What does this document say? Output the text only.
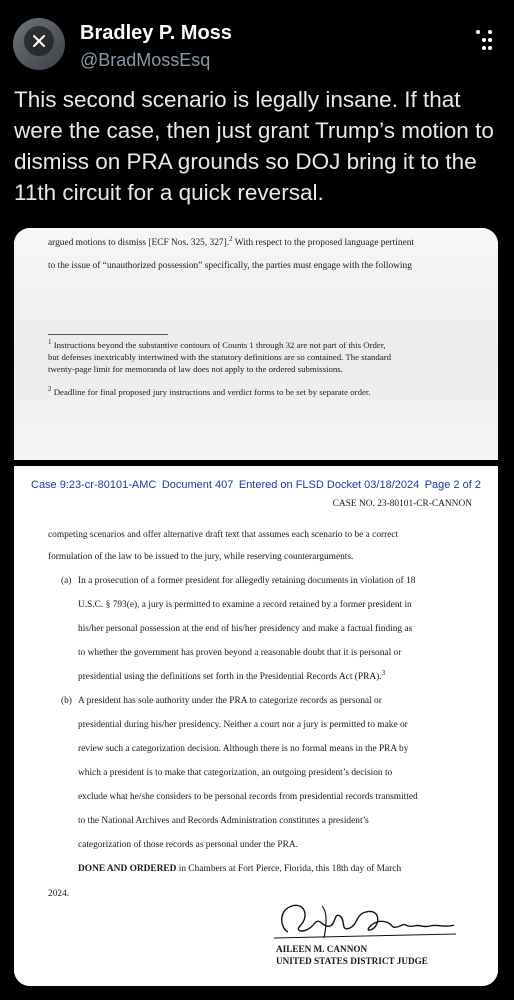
Bradley P. Moss
@BradMossEsq
This second scenario is legally insane. If that were the case, then just grant Trump’s motion to dismiss on PRA grounds so DOJ bring it to the 11th circuit for a quick reversal.
argued motions to dismiss [ECF Nos. 325, 327].$^2$ With respect to the proposed language pertinent
to the issue of “unauthorized possession” specifically, the parties must engage with the following
$^1$ Instructions beyond the substantive contours of Counts 1 through 32 are not part of this Order,
but defenses inextricably intertwined with the statutory definitions are so contained. The standard
twenty-page limit for memoranda of law does not apply to the ordered submissions.
$^2$ Deadline for final proposed jury instructions and verdict forms to be set by separate order.
Case 9:23-cr-80101-AMC Document 407 Entered on FLSD Docket 03/18/2024 Page 2 of 2
CASE NO. 23-80101-CR-CANNON
competing scenarios and offer alternative draft text that assumes each scenario to be a correct
formulation of the law to be issued to the jury, while reserving counterarguments.
(a) In a prosecution of a former president for allegedly retaining documents in violation of 18
U.S.C. § 793(e), a jury is permitted to examine a record retained by a former president in
his/her personal possession at the end of his/her presidency and make a factual finding as
to whether the government has proven beyond a reasonable doubt that it is personal or
presidential using the definitions set forth in the Presidential Records Act (PRA).$^3$
(b) A president has sole authority under the PRA to categorize records as personal or
presidential during his/her presidency. Neither a court nor a jury is permitted to make or
review such a categorization decision. Although there is no formal means in the PRA by
which a president is to make that categorization, an outgoing president’s decision to
exclude what he/she considers to be personal records from presidential records transmitted
to the National Archives and Records Administration constitutes a president’s
categorization of those records as personal under the PRA.
DONE AND ORDERED in Chambers at Fort Pierce, Florida, this 18th day of March
2024.
AILEEN M. CANNON
UNITED STATES DISTRICT JUDGE
